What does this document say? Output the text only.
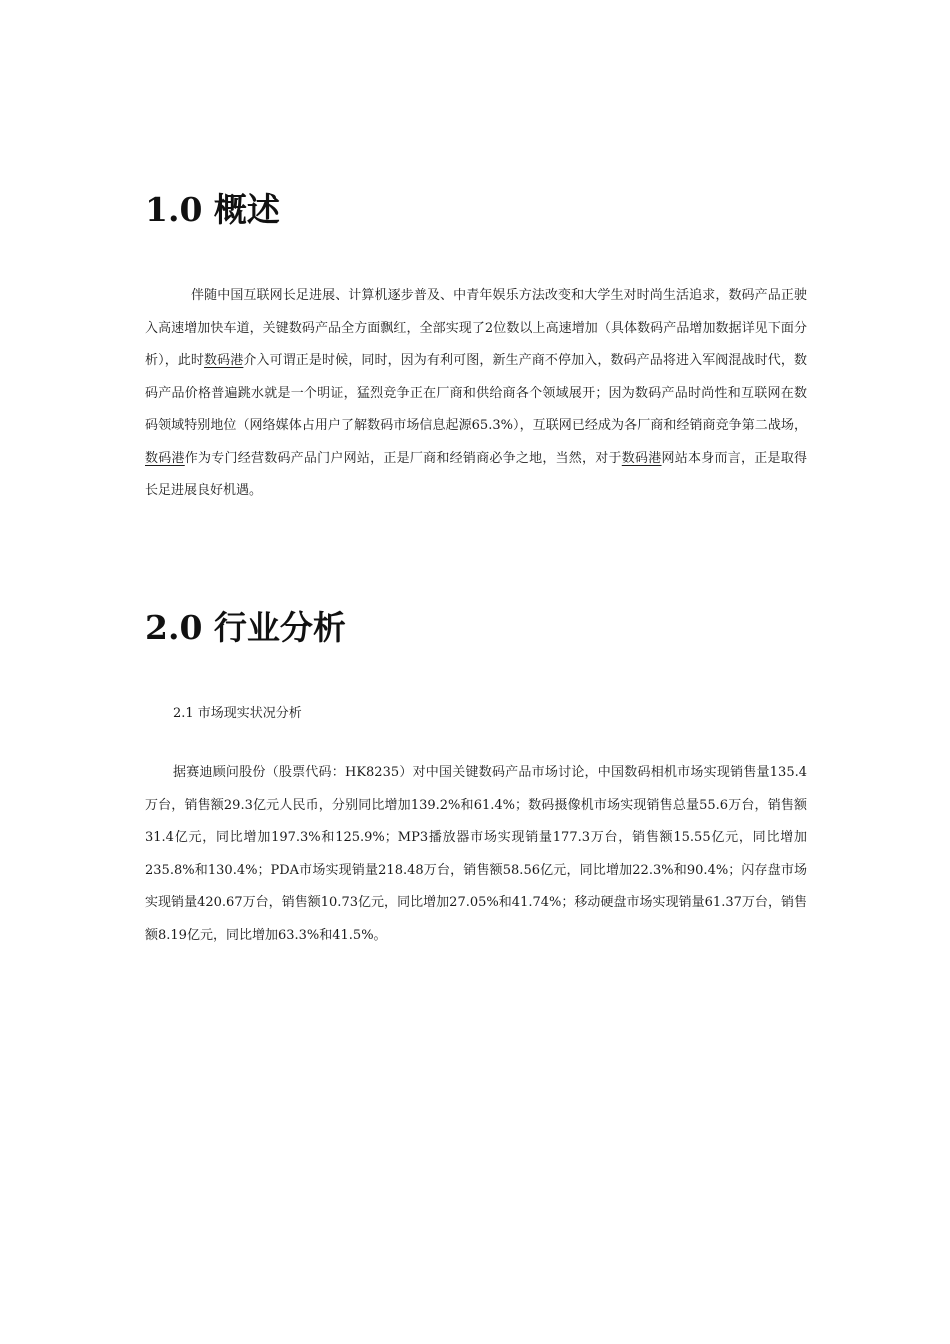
1.0 概述

伴随中国互联网长足进展、计算机逐步普及、中青年娱乐方法改变和大学生对时尚生活追求，数码产品正驶入高速增加快车道，关键数码产品全方面飘红，全部实现了2位数以上高速增加（具体数码产品增加数据详见下面分析），此时数码港介入可谓正是时候，同时，因为有利可图，新生产商不停加入，数码产品将进入军阀混战时代，数码产品价格普遍跳水就是一个明证，猛烈竞争正在厂商和供给商各个领域展开；因为数码产品时尚性和互联网在数码领域特别地位（网络媒体占用户了解数码市场信息起源65.3%），互联网已经成为各厂商和经销商竞争第二战场，数码港作为专门经营数码产品门户网站，正是厂商和经销商必争之地，当然，对于数码港网站本身而言，正是取得长足进展良好机遇。

2.0 行业分析

2.1 市场现实状况分析

据赛迪顾问股份（股票代码：HK8235）对中国关键数码产品市场讨论，中国数码相机市场实现销售量135.4万台，销售额29.3亿元人民币，分别同比增加139.2%和61.4%；数码摄像机市场实现销售总量55.6万台，销售额31.4亿元，同比增加197.3%和125.9%；MP3播放器市场实现销量177.3万台，销售额15.55亿元，同比增加235.8%和130.4%；PDA市场实现销量218.48万台，销售额58.56亿元，同比增加22.3%和90.4%；闪存盘市场实现销量420.67万台，销售额10.73亿元，同比增加27.05%和41.74%；移动硬盘市场实现销量61.37万台，销售额8.19亿元，同比增加63.3%和41.5%。
